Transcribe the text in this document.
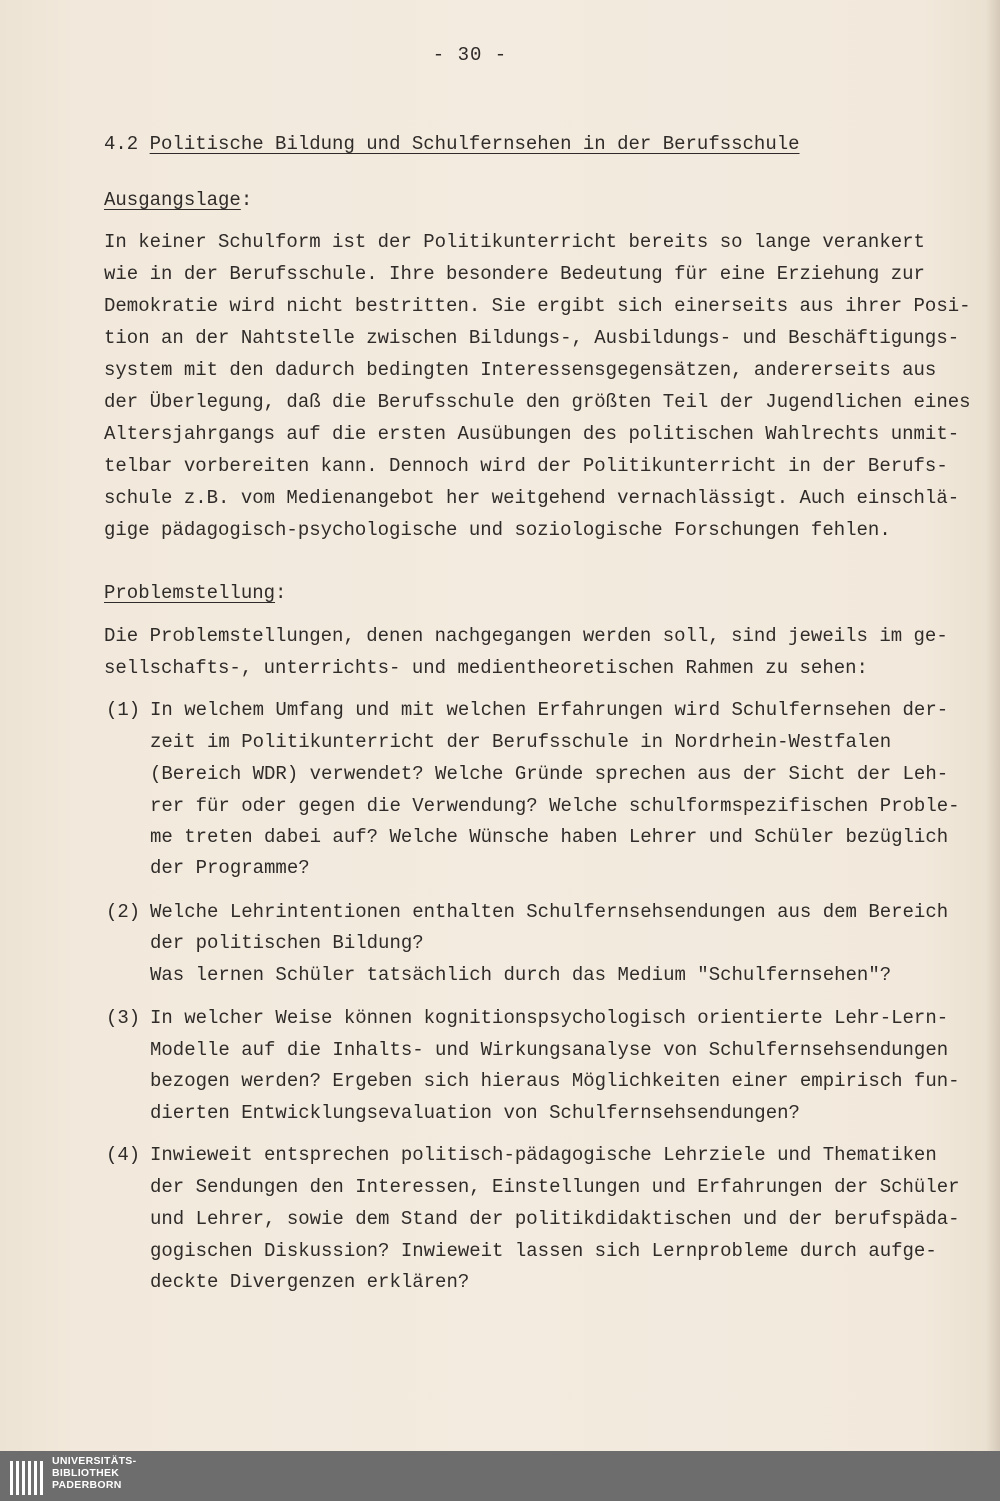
- 30 -
4.2 Politische Bildung und Schulfernsehen in der Berufsschule
Ausgangslage:
In keiner Schulform ist der Politikunterricht bereits so lange verankert
wie in der Berufsschule. Ihre besondere Bedeutung für eine Erziehung zur
Demokratie wird nicht bestritten. Sie ergibt sich einerseits aus ihrer Posi-
tion an der Nahtstelle zwischen Bildungs-, Ausbildungs- und Beschäftigungs-
system mit den dadurch bedingten Interessensgegensätzen, andererseits aus
der Überlegung, daß die Berufsschule den größten Teil der Jugendlichen eines
Altersjahrgangs auf die ersten Ausübungen des politischen Wahlrechts unmit-
telbar vorbereiten kann. Dennoch wird der Politikunterricht in der Berufs-
schule z.B. vom Medienangebot her weitgehend vernachlässigt. Auch einschlä-
gige pädagogisch-psychologische und soziologische Forschungen fehlen.
Problemstellung:
Die Problemstellungen, denen nachgegangen werden soll, sind jeweils im ge-
sellschafts-, unterrichts- und medientheoretischen Rahmen zu sehen:
(1) In welchem Umfang und mit welchen Erfahrungen wird Schulfernsehen der-
zeit im Politikunterricht der Berufsschule in Nordrhein-Westfalen
(Bereich WDR) verwendet? Welche Gründe sprechen aus der Sicht der Leh-
rer für oder gegen die Verwendung? Welche schulformspezifischen Proble-
me treten dabei auf? Welche Wünsche haben Lehrer und Schüler bezüglich
der Programme?
(2) Welche Lehrintentionen enthalten Schulfernsehsendungen aus dem Bereich
der politischen Bildung?
Was lernen Schüler tatsächlich durch das Medium "Schulfernsehen"?
(3) In welcher Weise können kognitionspsychologisch orientierte Lehr-Lern-
Modelle auf die Inhalts- und Wirkungsanalyse von Schulfernsehsendungen
bezogen werden? Ergeben sich hieraus Möglichkeiten einer empirisch fun-
dierten Entwicklungsevaluation von Schulfernsehsendungen?
(4) Inwieweit entsprechen politisch-pädagogische Lehrziele und Thematiken
der Sendungen den Interessen, Einstellungen und Erfahrungen der Schüler
und Lehrer, sowie dem Stand der politikdidaktischen und der berufspäda-
gogischen Diskussion? Inwieweit lassen sich Lernprobleme durch aufge-
deckte Divergenzen erklären?
UNIVERSITÄTS-
BIBLIOTHEK
PADERBORN
